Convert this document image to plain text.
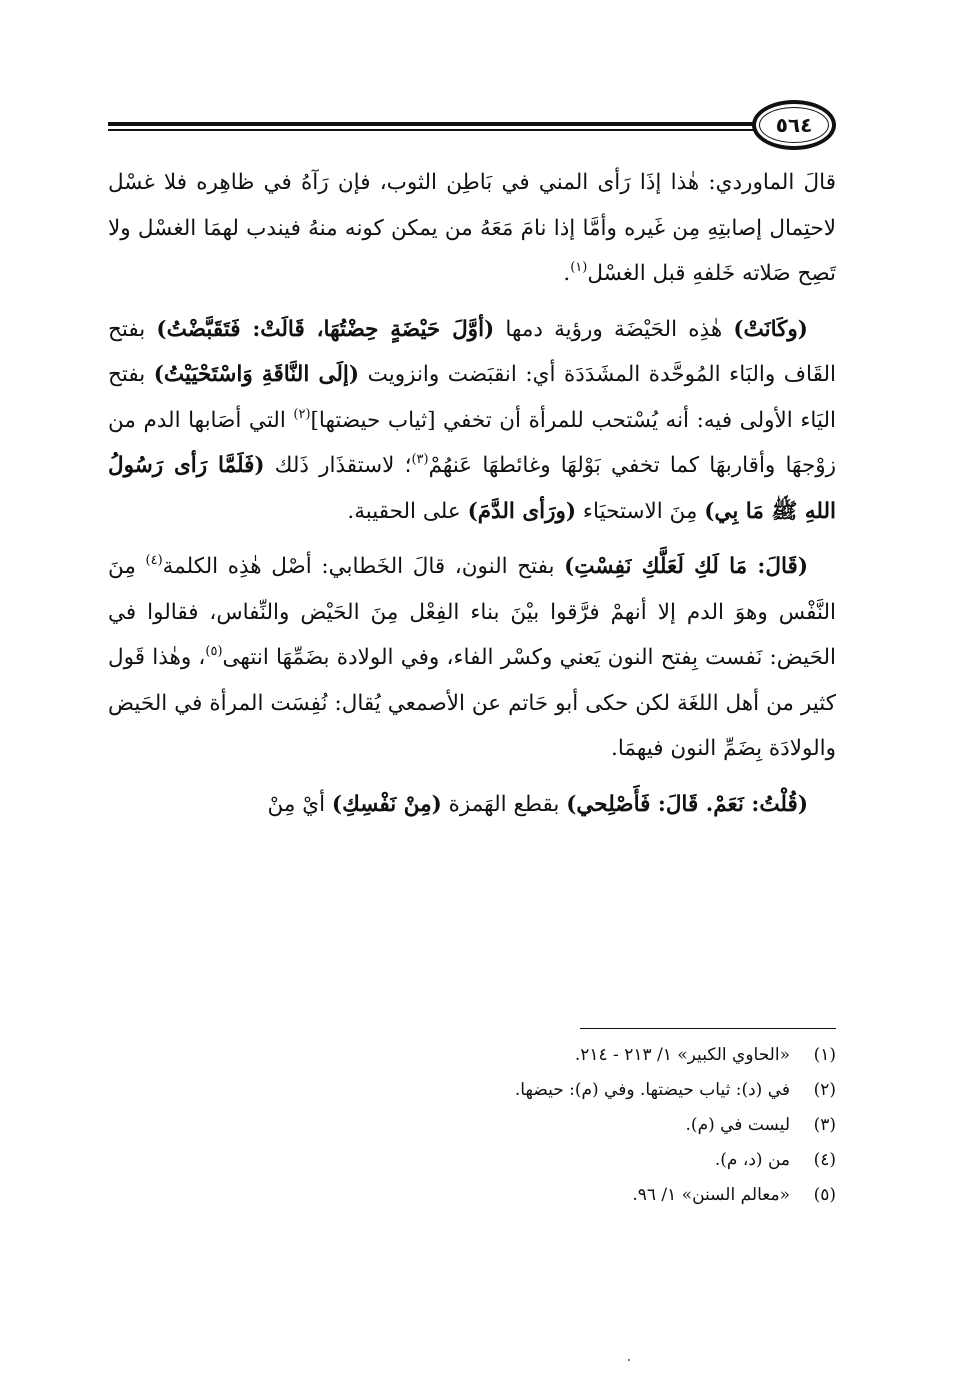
٥٦٤

قالَ الماوردي: هٰذا إذَا رَأى المني في بَاطِن الثوب، فإن رَآهُ في ظاهِره فلا غسْل لاحتِمال إصابتِهِ مِن غَيره وأمَّا إذا نامَ مَعَهُ من يمكن كونه منهُ فيندب لهمَا الغسْل ولا تَصِح صَلاته خَلفهِ قبل الغسْل$^{(١)}$.

(وكَانَتْ) هٰذِه الحَيْضَة ورؤية دمها (أوَّلَ حَيْضَةٍ حِضْتُهَا، قَالَتْ: فَتَقَبَّضْتُ) بفتح القَاف والبَاء المُوحَّدة المشَدَدَة أي: انقبَضت وانزويت (إلَى النَّاقَةِ وَاسْتَحْيَيْتُ) بفتح اليَاء الأولى فيه: أنه يُسْتحب للمرأة أن تخفي [ثياب حيضتها]$^{(٢)}$ التي أصَابها الدم من زوْجهَا وأقاربهَا كما تخفي بَوْلهَا وغائطهَا عَنهُمْ$^{(٣)}$؛ لاستقذَار ذَلك (فَلَمَّا رَأى رَسُولُ اللهِ ﷺ مَا بِي) مِنَ الاستحيَاء (ورَأى الدَّمَ) على الحقيبة.

(قَالَ: مَا لَكِ لَعَلَّكِ نَفِسْتِ) بفتح النون، قالَ الخَطابي: أصْل هٰذِه الكلمة$^{(٤)}$ مِنَ النَّفْس وهوَ الدم إلا أنهمْ فرَّقوا بيْنَ بناء الفِعْل مِنَ الحَيْض والنِّفاس، فقالوا في الحَيض: نَفست بِفتح النون يَعني وكسْر الفاء، وفي الولادة بضَمِّهَا انتهى$^{(٥)}$، وهٰذا قَول كثير من أهل اللغَة لكن حكى أبو حَاتم عن الأصمعي يُقال: نُفِسَت المرأة في الحَيض والولادَة بِضَمِّ النون فيهمَا.

(قُلْتُ: نَعَمْ. قَالَ: فَأَصْلِحي) بقطع الهَمزة (مِنْ نَفْسِكِ) أيْ مِنْ

(١)
«الحاوي الكبير» ١/ ٢١٣ - ٢١٤.
(٢)
في (د): ثياب حيضتها. وفي (م): حيضها.
(٣)
ليست في (م).
(٤)
من (د، م).
(٥)
«معالم السنن» ١/ ٩٦.
